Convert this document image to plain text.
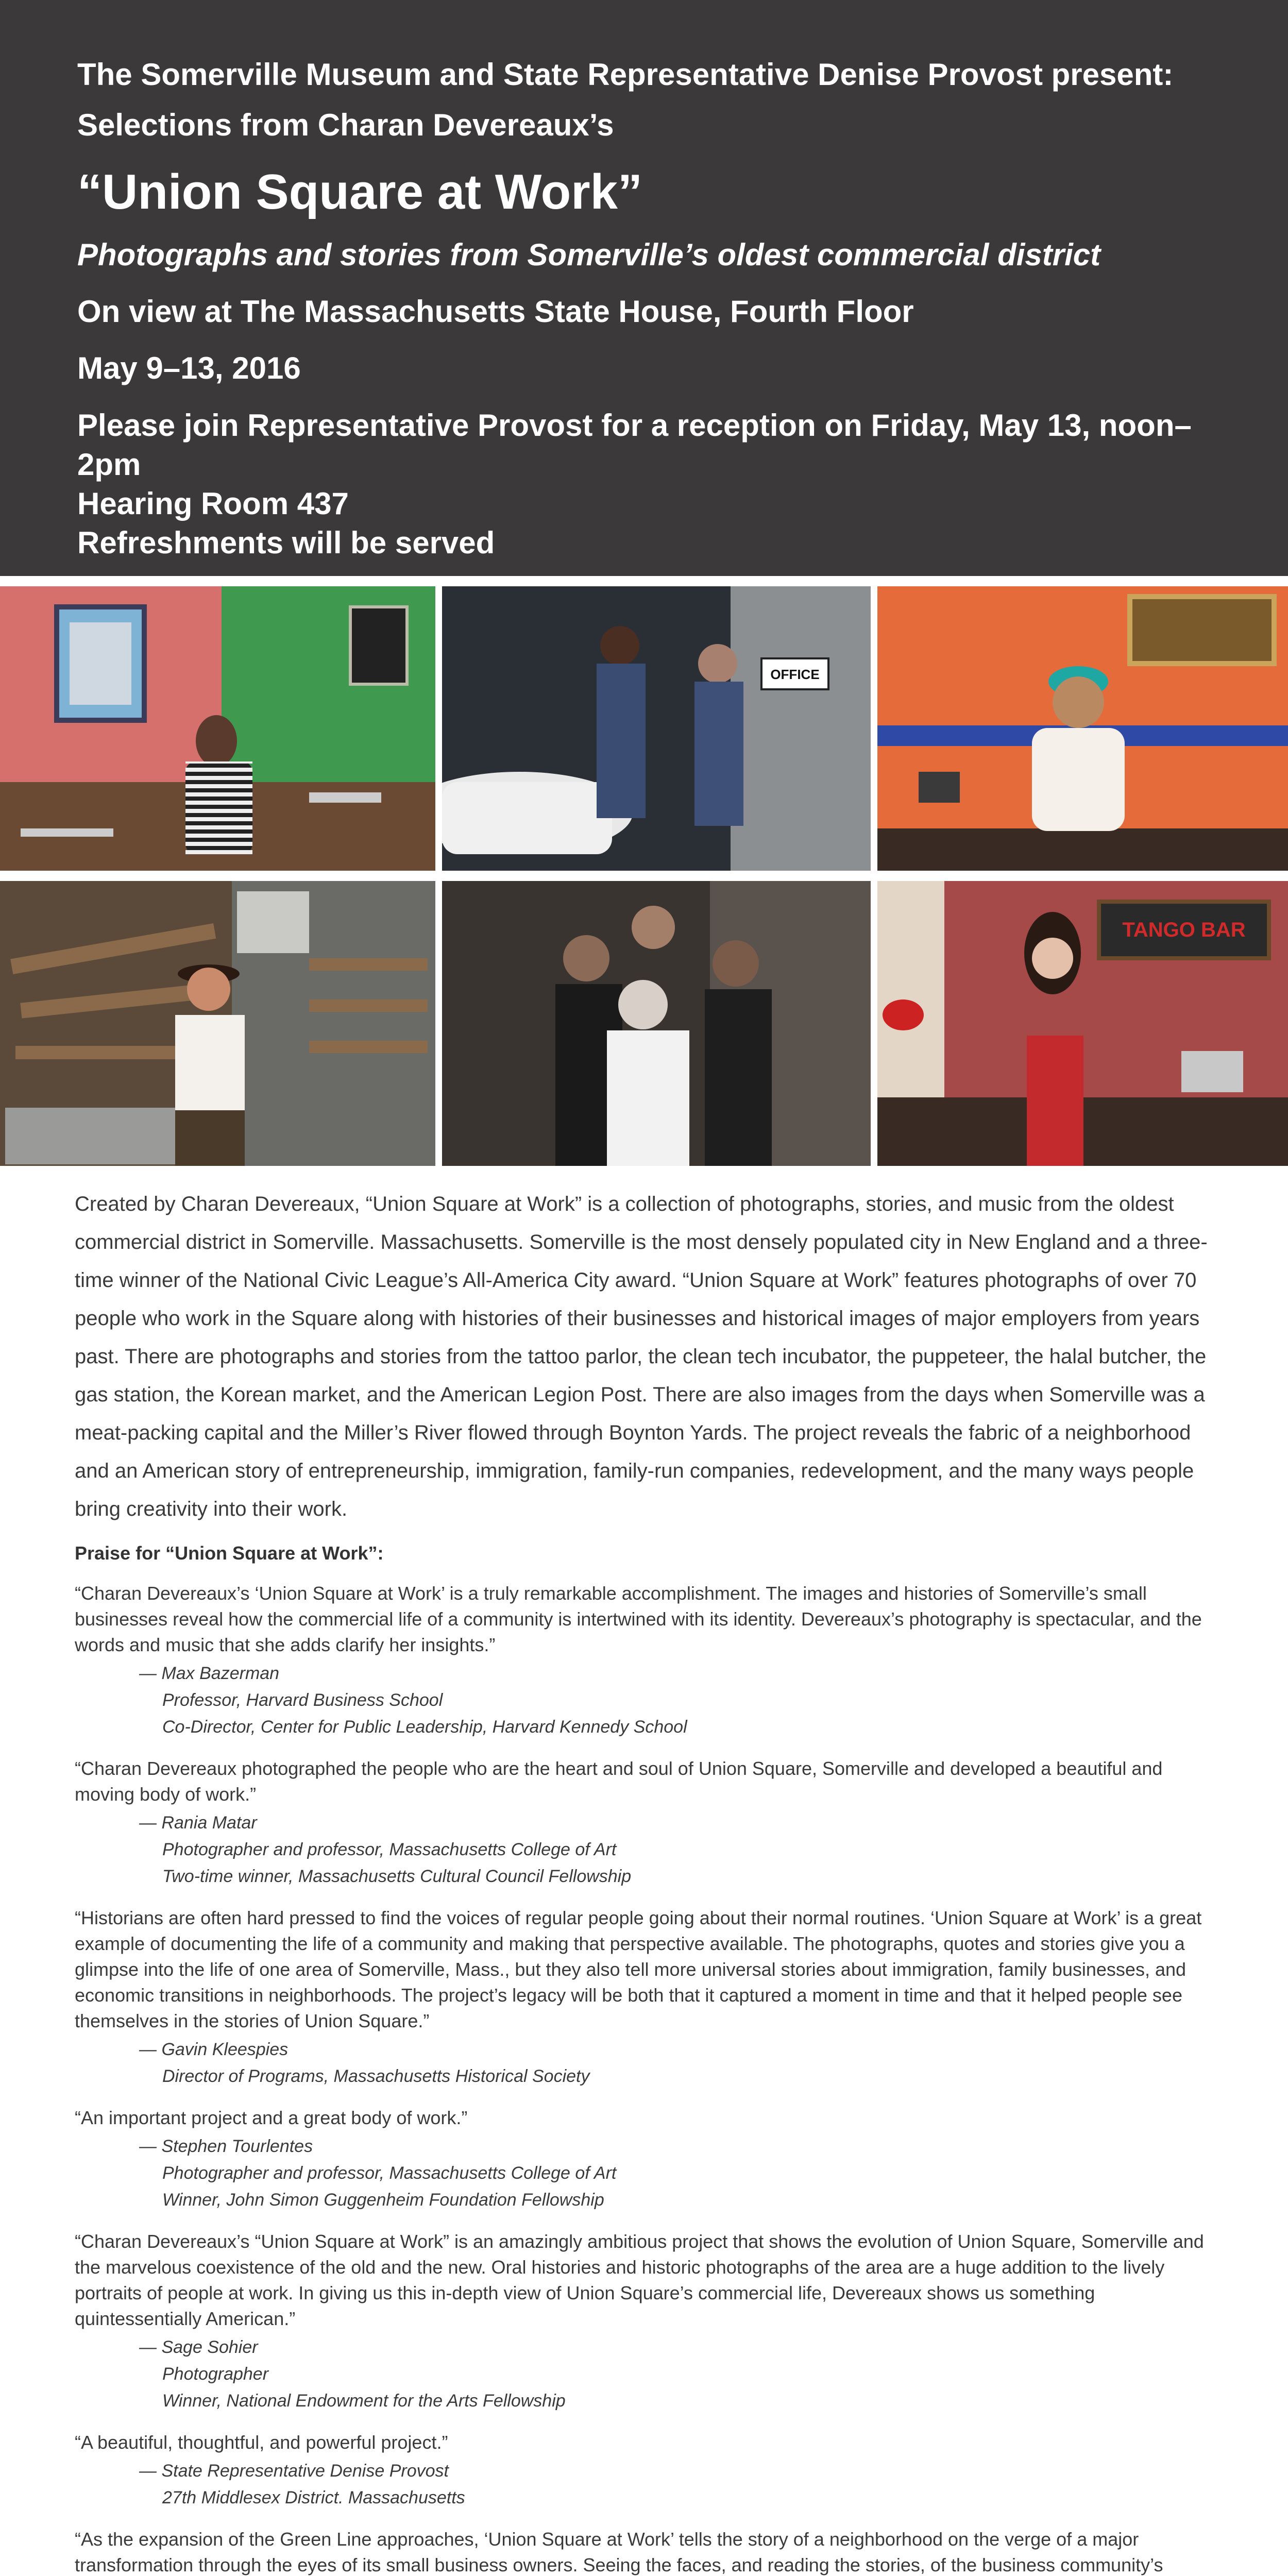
The Somerville Museum and State Representative Denise Provost present:

Selections from Charan Devereaux’s

“Union Square at Work”

Photographs and stories from Somerville’s oldest commercial district

On view at The Massachusetts State House, Fourth Floor

May 9–13, 2016

Please join Representative Provost for a reception on Friday, May 13, noon–2pm
Hearing Room 437
Refreshments will be served

OFFICE
TANGO BAR

Created by Charan Devereaux, “Union Square at Work” is a collection of photographs, stories, and music from the oldest commercial district in Somerville. Massachusetts. Somerville is the most densely populated city in New England and a three-time winner of the National Civic League’s All-America City award. “Union Square at Work” features photographs of over 70 people who work in the Square along with histories of their businesses and historical images of major employers from years past. There are photographs and stories from the tattoo parlor, the clean tech incubator, the puppeteer, the halal butcher, the gas station, the Korean market, and the American Legion Post. There are also images from the days when Somerville was a meat-packing capital and the Miller’s River flowed through Boynton Yards. The project reveals the fabric of a neighborhood and an American story of entrepreneurship, immigration, family-run companies, redevelopment, and the many ways people bring creativity into their work.

Praise for “Union Square at Work”:

“Charan Devereaux’s ‘Union Square at Work’ is a truly remarkable accomplishment. The images and histories of Somerville’s small businesses reveal how the commercial life of a community is intertwined with its identity. Devereaux’s photography is spectacular, and the words and music that she adds clarify her insights.”

— Max Bazerman
Professor, Harvard Business School
Co-Director, Center for Public Leadership, Harvard Kennedy School

“Charan Devereaux photographed the people who are the heart and soul of Union Square, Somerville and developed a beautiful and moving body of work.”

— Rania Matar
Photographer and professor, Massachusetts College of Art
Two-time winner, Massachusetts Cultural Council Fellowship

“Historians are often hard pressed to find the voices of regular people going about their normal routines. ‘Union Square at Work’ is a great example of documenting the life of a community and making that perspective available. The photographs, quotes and stories give you a glimpse into the life of one area of Somerville, Mass., but they also tell more universal stories about immigration, family businesses, and economic transitions in neighborhoods. The project’s legacy will be both that it captured a moment in time and that it helped people see themselves in the stories of Union Square.”

— Gavin Kleespies
Director of Programs, Massachusetts Historical Society

“An important project and a great body of work.”

— Stephen Tourlentes
Photographer and professor, Massachusetts College of Art
Winner, John Simon Guggenheim Foundation Fellowship

“Charan Devereaux’s “Union Square at Work” is an amazingly ambitious project that shows the evolution of Union Square, Somerville and the marvelous coexistence of the old and the new. Oral histories and historic photographs of the area are a huge addition to the lively portraits of people at work. In giving us this in-depth view of Union Square’s commercial life, Devereaux shows us something quintessentially American.”

— Sage Sohier
Photographer
Winner, National Endowment for the Arts Fellowship

“A beautiful, thoughtful, and powerful project.”

— State Representative Denise Provost
27th Middlesex District. Massachusetts

“As the expansion of the Green Line approaches, ‘Union Square at Work’ tells the story of a neighborhood on the verge of a major transformation through the eyes of its small business owners. Seeing the faces, and reading the stories, of the business community’s
